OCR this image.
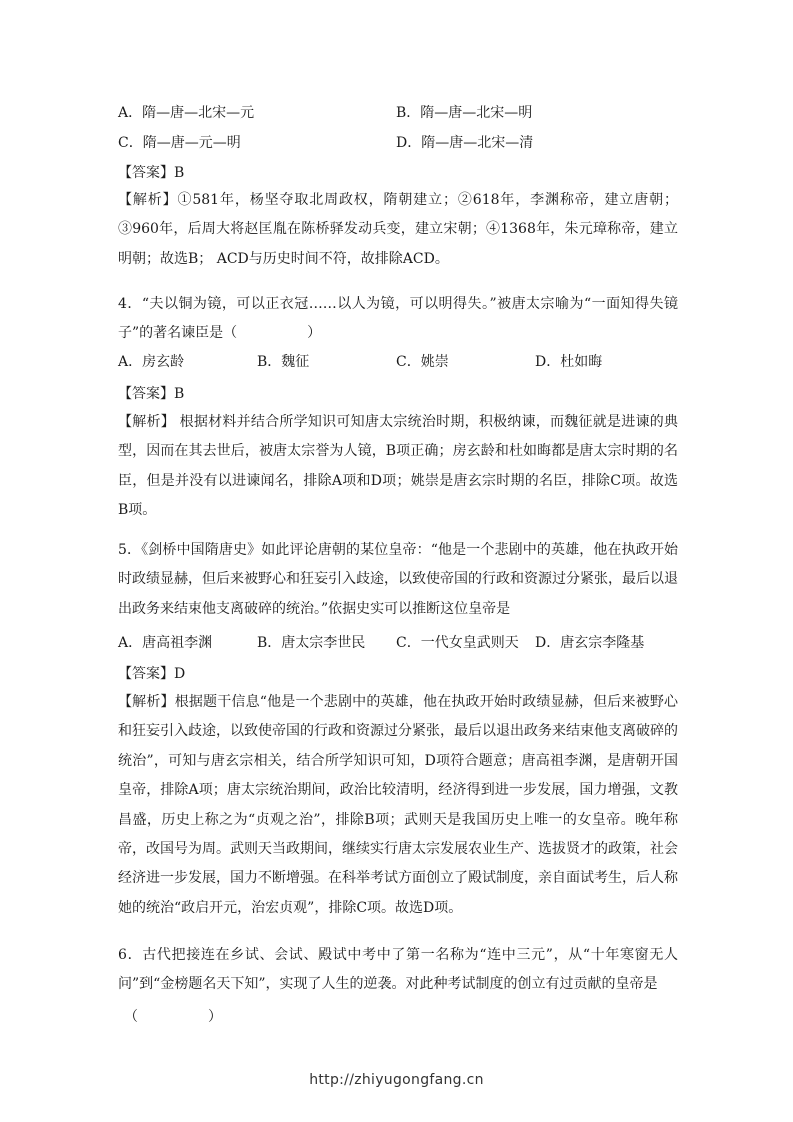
A．隋—唐—北宋—元	B．隋—唐—北宋—明
C．隋—唐—元—明	D．隋—唐—北宋—清
【答案】B
【解析】①581年，杨坚夺取北周政权，隋朝建立；②618年，李渊称帝，建立唐朝；③960年，后周大将赵匡胤在陈桥驿发动兵变，建立宋朝；④1368年，朱元璋称帝，建立明朝；故选B； ACD与历史时间不符，故排除ACD。
4．“夫以铜为镜，可以正衣冠……以人为镜，可以明得失。”被唐太宗喻为“一面知得失镜子”的著名谏臣是（　　　　　）
A．房玄龄	B．魏征	C．姚崇	D．杜如晦
【答案】B
【解析】 根据材料并结合所学知识可知唐太宗统治时期，积极纳谏，而魏征就是进谏的典型，因而在其去世后，被唐太宗誉为人镜，B项正确；房玄龄和杜如晦都是唐太宗时期的名臣，但是并没有以进谏闻名，排除A项和D项；姚崇是唐玄宗时期的名臣，排除C项。故选B项。
5．《剑桥中国隋唐史》如此评论唐朝的某位皇帝：“他是一个悲剧中的英雄，他在执政开始时政绩显赫，但后来被野心和狂妄引入歧途，以致使帝国的行政和资源过分紧张，最后以退出政务来结束他支离破碎的统治。”依据史实可以推断这位皇帝是
A．唐高祖李渊	B．唐太宗李世民 C．一代女皇武则天 D．唐玄宗李隆基
【答案】D
【解析】根据题干信息“他是一个悲剧中的英雄，他在执政开始时政绩显赫，但后来被野心和狂妄引入歧途，以致使帝国的行政和资源过分紧张，最后以退出政务来结束他支离破碎的统治”，可知与唐玄宗相关，结合所学知识可知，D项符合题意；唐高祖李渊，是唐朝开国皇帝，排除A项；唐太宗统治期间，政治比较清明，经济得到进一步发展，国力增强，文教昌盛，历史上称之为“贞观之治”，排除B项；武则天是我国历史上唯一的女皇帝。晚年称帝，改国号为周。武则天当政期间，继续实行唐太宗发展农业生产、选拔贤才的政策，社会经济进一步发展，国力不断增强。在科举考试方面创立了殿试制度，亲自面试考生，后人称她的统治“政启开元，治宏贞观”，排除C项。故选D项。
6．古代把接连在乡试、会试、殿试中考中了第一名称为“连中三元”，从“十年寒窗无人问”到“金榜题名天下知”，实现了人生的逆袭。对此种考试制度的创立有过贡献的皇帝是
（　　　　　）
http://zhiyugongfang.cn
